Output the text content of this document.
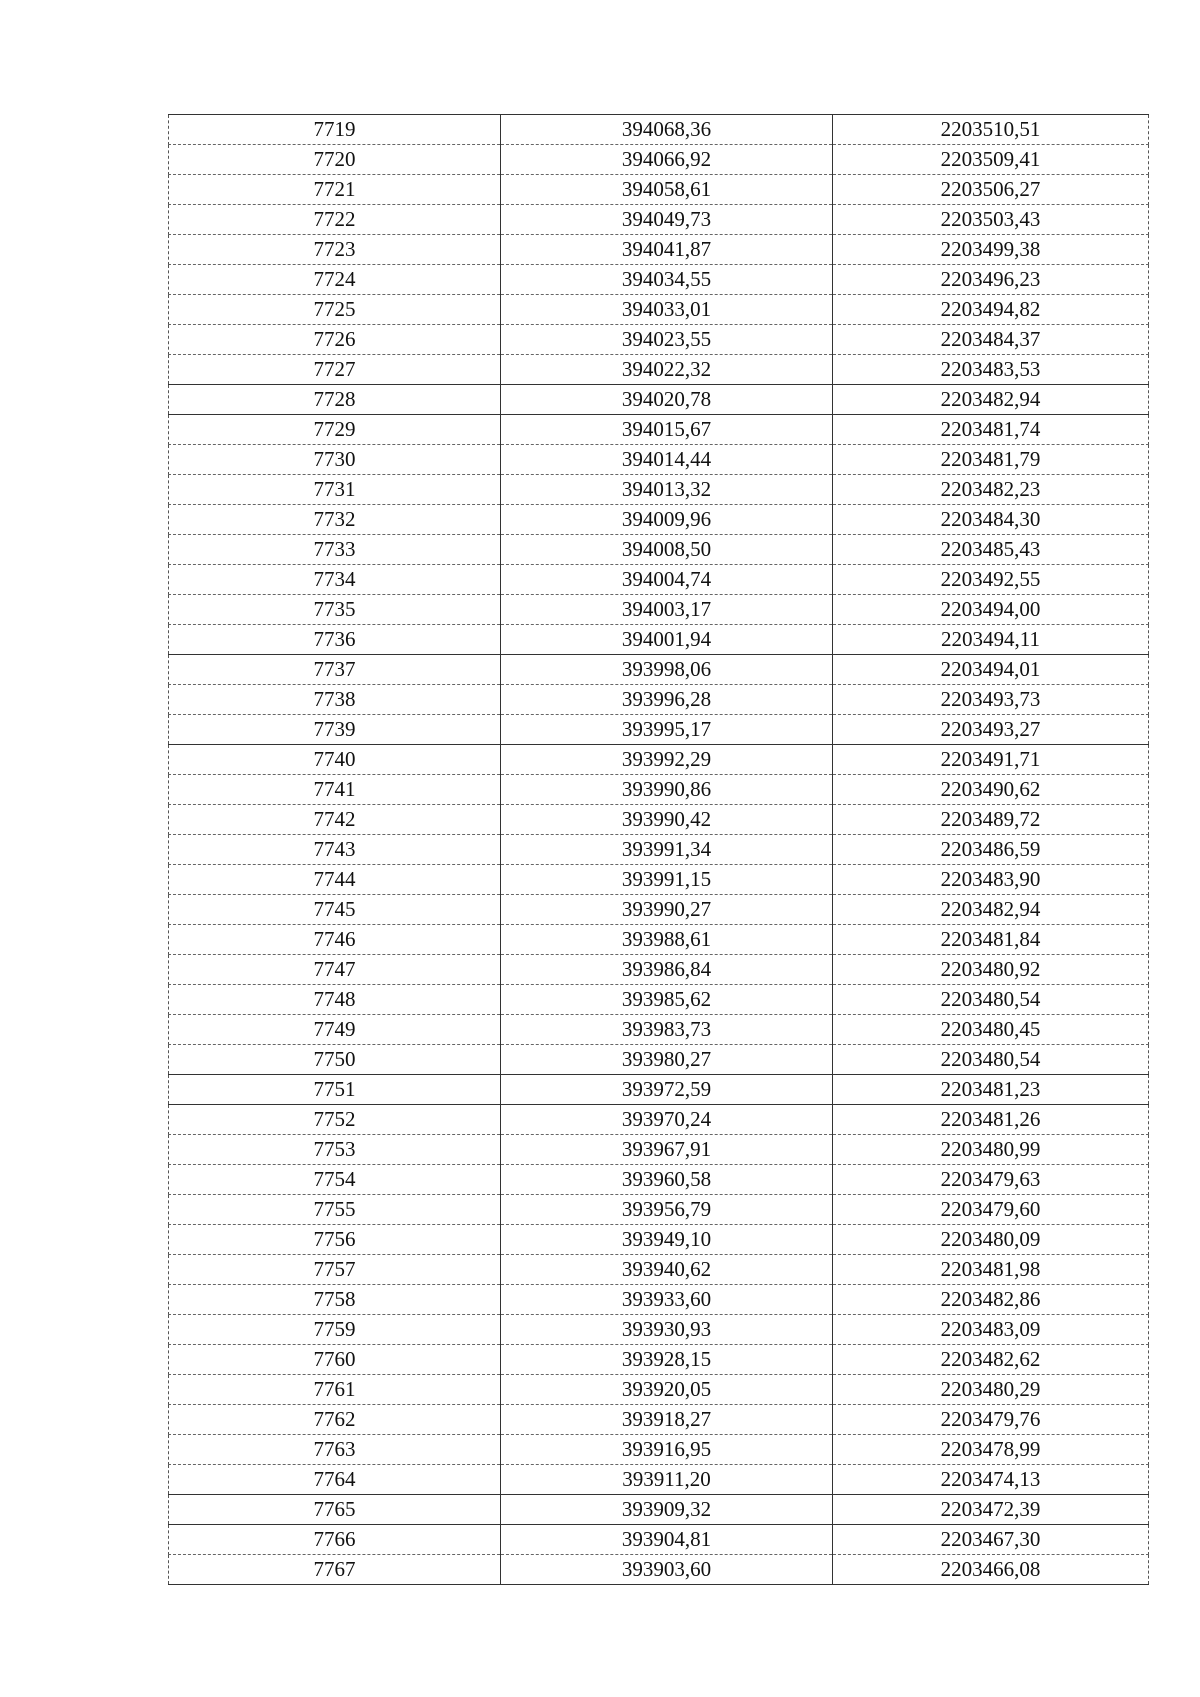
7719	394068,36	2203510,51
7720	394066,92	2203509,41
7721	394058,61	2203506,27
7722	394049,73	2203503,43
7723	394041,87	2203499,38
7724	394034,55	2203496,23
7725	394033,01	2203494,82
7726	394023,55	2203484,37
7727	394022,32	2203483,53
7728	394020,78	2203482,94
7729	394015,67	2203481,74
7730	394014,44	2203481,79
7731	394013,32	2203482,23
7732	394009,96	2203484,30
7733	394008,50	2203485,43
7734	394004,74	2203492,55
7735	394003,17	2203494,00
7736	394001,94	2203494,11
7737	393998,06	2203494,01
7738	393996,28	2203493,73
7739	393995,17	2203493,27
7740	393992,29	2203491,71
7741	393990,86	2203490,62
7742	393990,42	2203489,72
7743	393991,34	2203486,59
7744	393991,15	2203483,90
7745	393990,27	2203482,94
7746	393988,61	2203481,84
7747	393986,84	2203480,92
7748	393985,62	2203480,54
7749	393983,73	2203480,45
7750	393980,27	2203480,54
7751	393972,59	2203481,23
7752	393970,24	2203481,26
7753	393967,91	2203480,99
7754	393960,58	2203479,63
7755	393956,79	2203479,60
7756	393949,10	2203480,09
7757	393940,62	2203481,98
7758	393933,60	2203482,86
7759	393930,93	2203483,09
7760	393928,15	2203482,62
7761	393920,05	2203480,29
7762	393918,27	2203479,76
7763	393916,95	2203478,99
7764	393911,20	2203474,13
7765	393909,32	2203472,39
7766	393904,81	2203467,30
7767	393903,60	2203466,08
